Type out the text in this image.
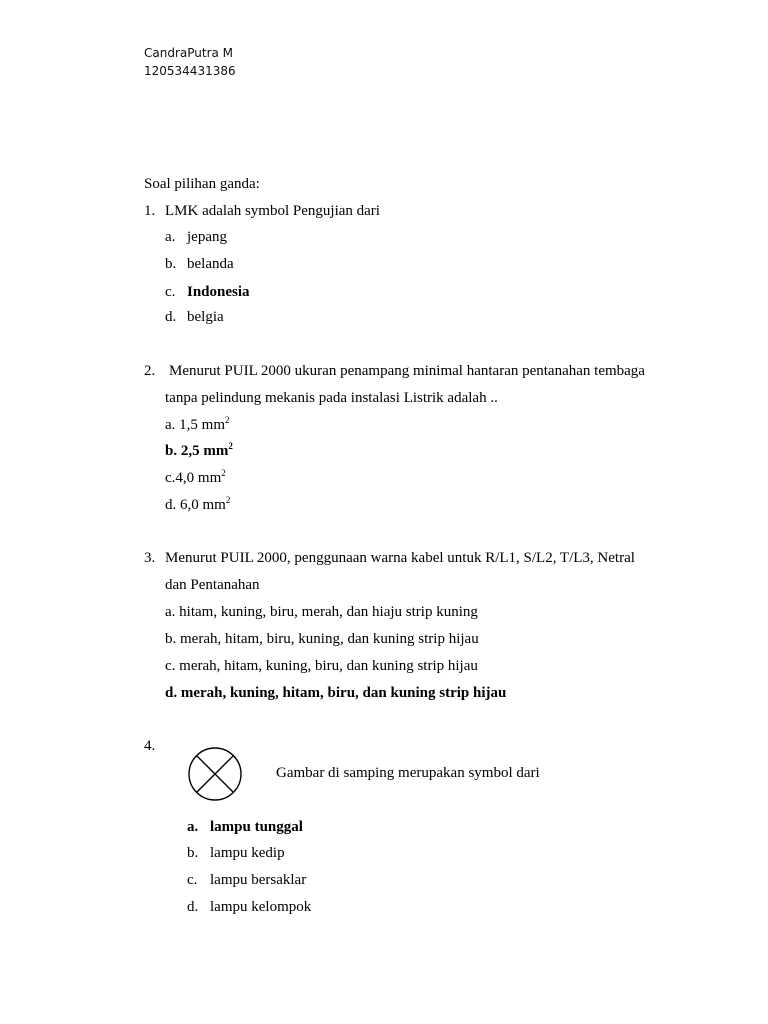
CandraPutra M
120534431386
Soal pilihan ganda:
1. LMK adalah symbol Pengujian dari
a. jepang
b. belanda
c. Indonesia
d. belgia
2. Menurut PUIL 2000 ukuran penampang minimal hantaran pentanahan tembaga
tanpa pelindung mekanis pada instalasi Listrik adalah ..
a. 1,5 $mm^2$
b. 2,5 $mm^2$
c.4,0 $mm^2$
d. 6,0 $mm^2$
3. Menurut PUIL 2000, penggunaan warna kabel untuk R/L1, S/L2, T/L3, Netral
dan Pentanahan
a. hitam, kuning, biru, merah, dan hiaju strip kuning
b. merah, hitam, biru, kuning, dan kuning strip hijau
c. merah, hitam, kuning, biru, dan kuning strip hijau
d. merah, kuning, hitam, biru, dan kuning strip hijau
4.
Gambar di samping merupakan symbol dari
a. lampu tunggal
b. lampu kedip
c. lampu bersaklar
d. lampu kelompok
